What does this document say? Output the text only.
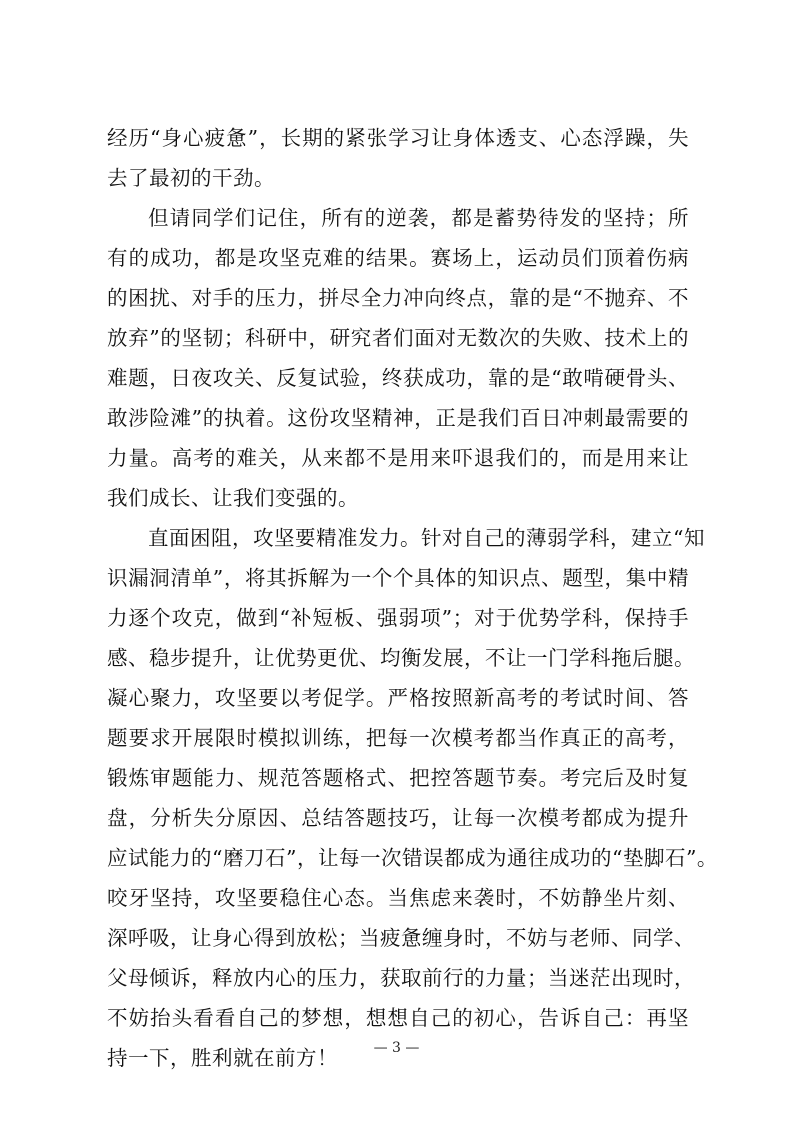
经历“身心疲惫”，长期的紧张学习让身体透支、心态浮躁，失
去了最初的干劲。
但请同学们记住，所有的逆袭，都是蓄势待发的坚持；所
有的成功，都是攻坚克难的结果。赛场上，运动员们顶着伤病
的困扰、对手的压力，拼尽全力冲向终点，靠的是“不抛弃、不
放弃”的坚韧；科研中，研究者们面对无数次的失败、技术上的
难题，日夜攻关、反复试验，终获成功，靠的是“敢啃硬骨头、
敢涉险滩”的执着。这份攻坚精神，正是我们百日冲刺最需要的
力量。高考的难关，从来都不是用来吓退我们的，而是用来让
我们成长、让我们变强的。
直面困阻，攻坚要精准发力。针对自己的薄弱学科，建立“知
识漏洞清单”，将其拆解为一个个具体的知识点、题型，集中精
力逐个攻克，做到“补短板、强弱项”；对于优势学科，保持手
感、稳步提升，让优势更优、均衡发展，不让一门学科拖后腿。
凝心聚力，攻坚要以考促学。严格按照新高考的考试时间、答
题要求开展限时模拟训练，把每一次模考都当作真正的高考，
锻炼审题能力、规范答题格式、把控答题节奏。考完后及时复
盘，分析失分原因、总结答题技巧，让每一次模考都成为提升
应试能力的“磨刀石”，让每一次错误都成为通往成功的“垫脚石”。
咬牙坚持，攻坚要稳住心态。当焦虑来袭时，不妨静坐片刻、
深呼吸，让身心得到放松；当疲惫缠身时，不妨与老师、同学、
父母倾诉，释放内心的压力，获取前行的力量；当迷茫出现时，
不妨抬头看看自己的梦想，想想自己的初心，告诉自己：再坚
持一下，胜利就在前方！	— 3 —
